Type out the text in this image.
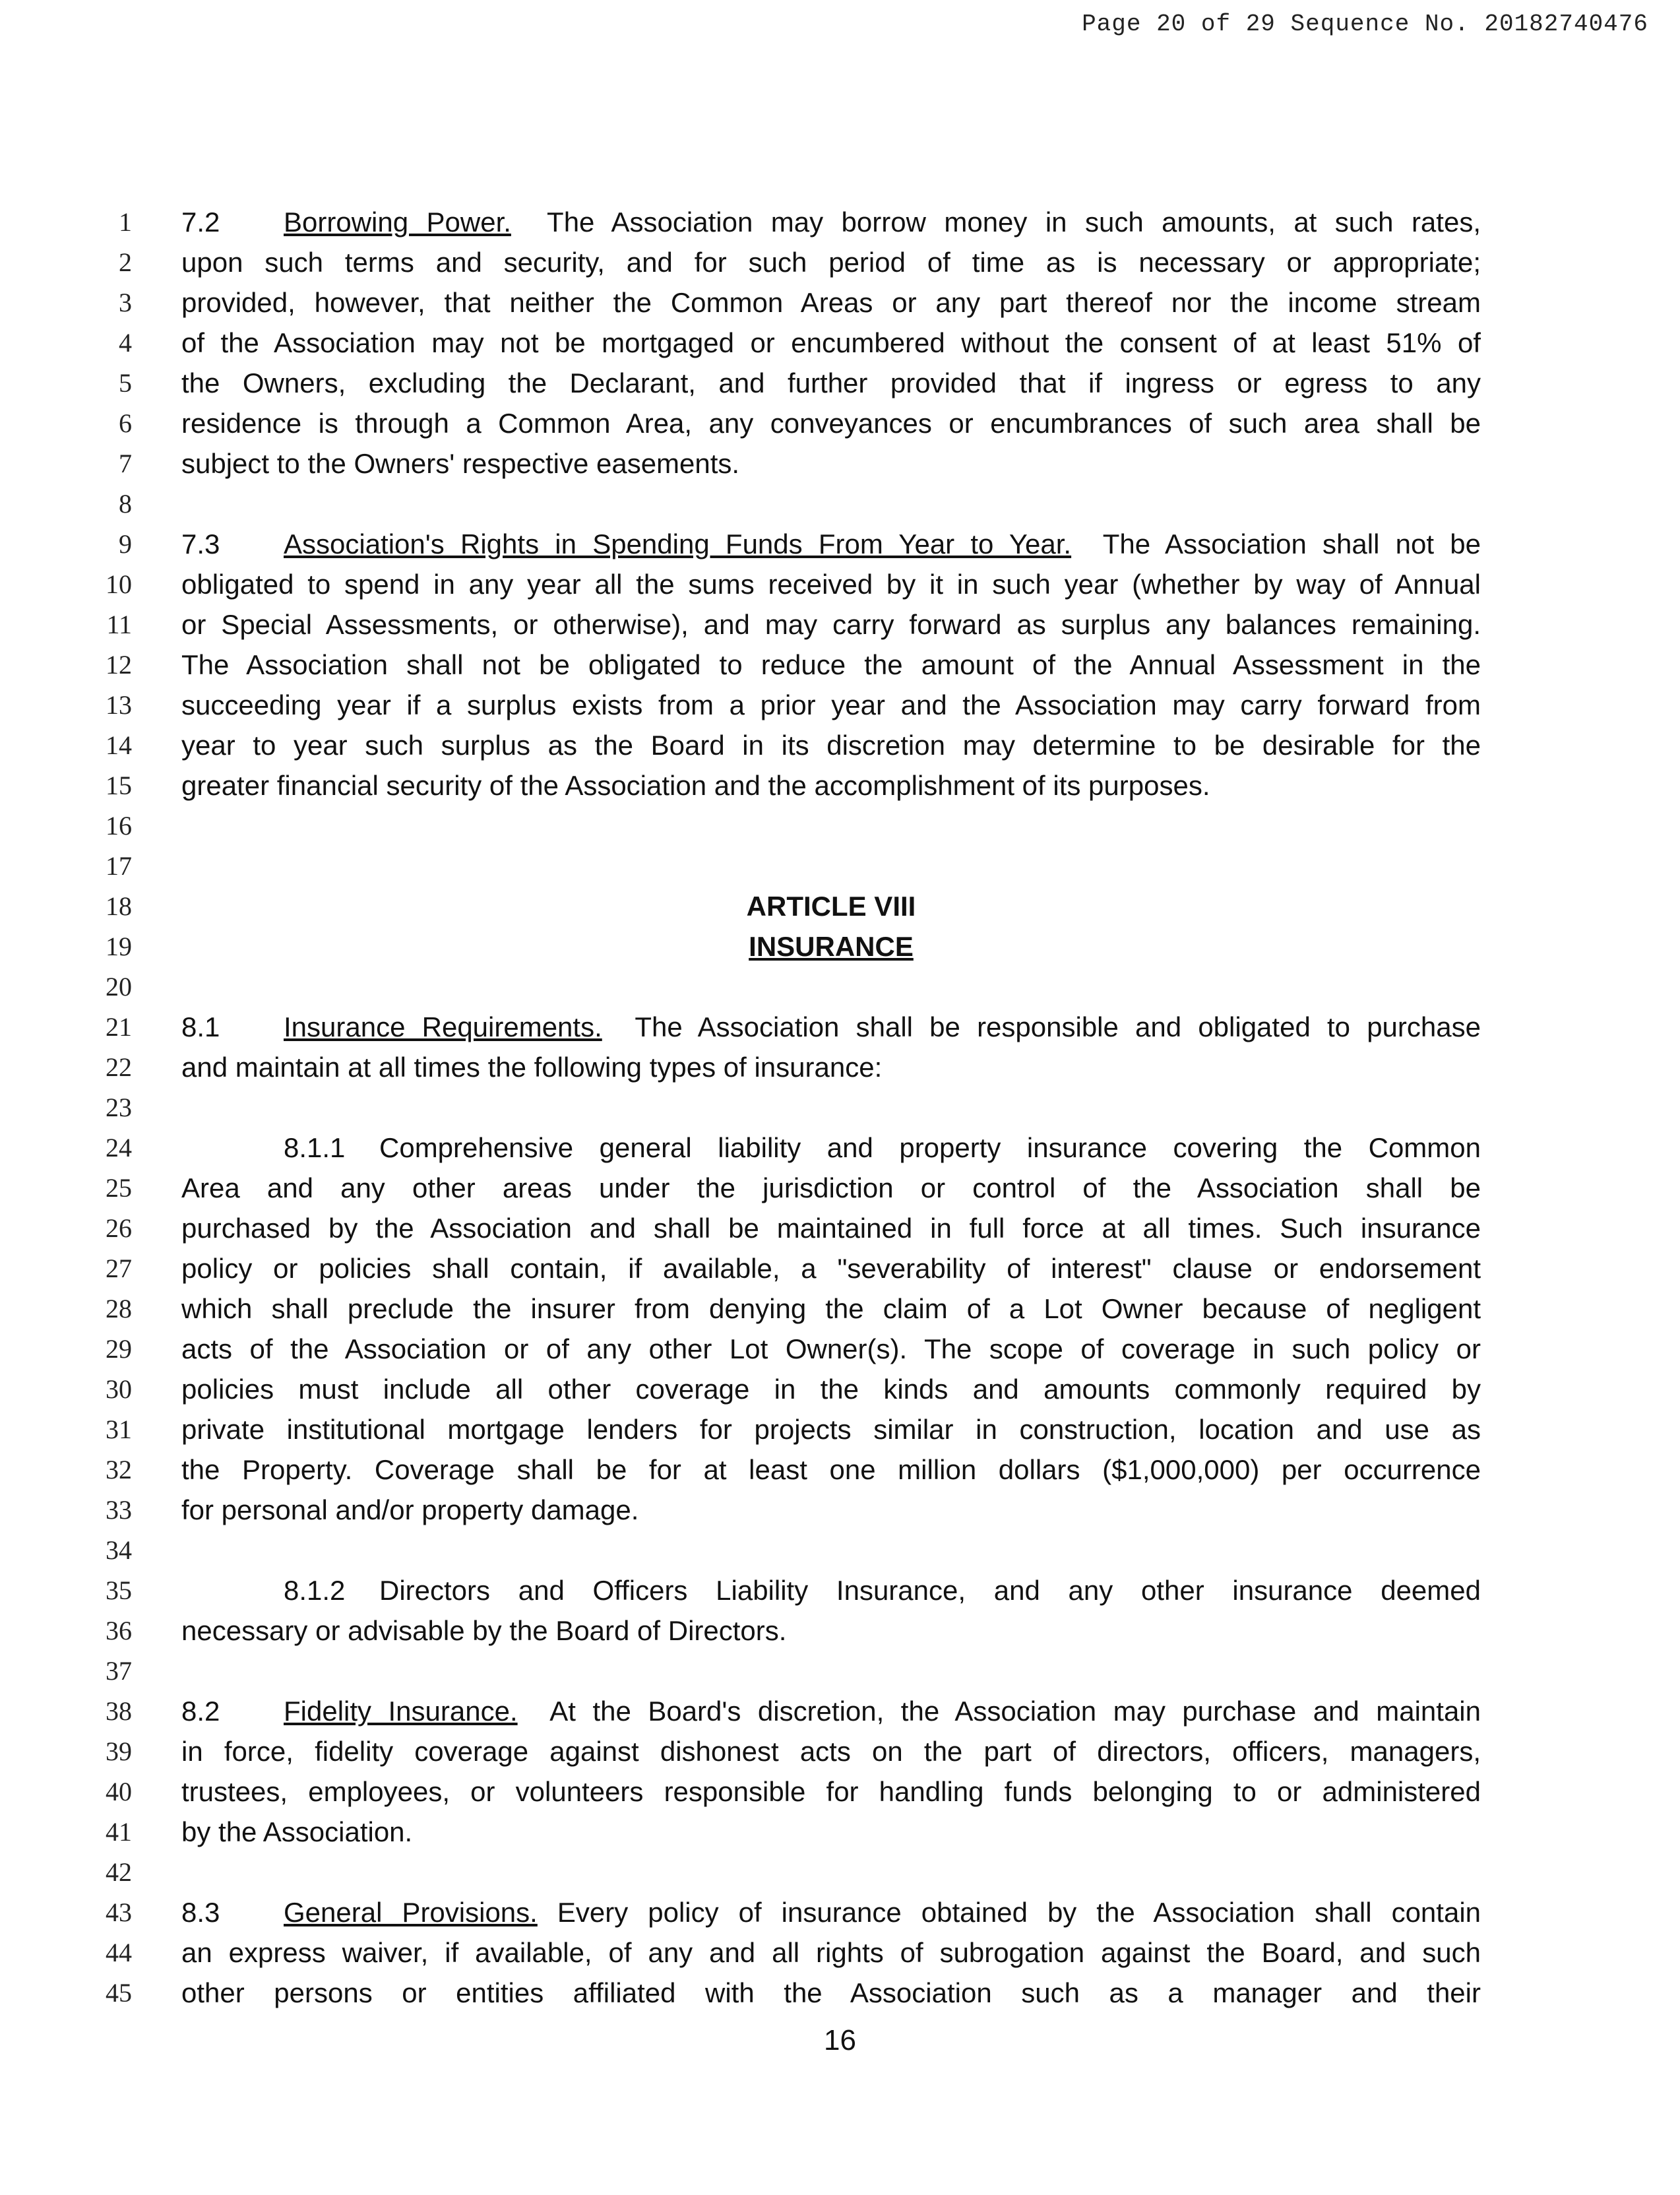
Page 20 of 29 Sequence No. 20182740476
1
2
3
4
5
6
7
8
9
10
11
12
13
14
15
16
17
18
19
20
21
22
23
24
25
26
27
28
29
30
31
32
33
34
35
36
37
38
39
40
41
42
43
44
45
7.2 Borrowing Power. The Association may borrow money in such amounts, at such rates,
upon such terms and security, and for such period of time as is necessary or appropriate;
provided, however, that neither the Common Areas or any part thereof nor the income stream
of the Association may not be mortgaged or encumbered without the consent of at least 51% of
the Owners, excluding the Declarant, and further provided that if ingress or egress to any
residence is through a Common Area, any conveyances or encumbrances of such area shall be
subject to the Owners' respective easements.
7.3 Association's Rights in Spending Funds From Year to Year. The Association shall not be
obligated to spend in any year all the sums received by it in such year (whether by way of Annual
or Special Assessments, or otherwise), and may carry forward as surplus any balances remaining.
The Association shall not be obligated to reduce the amount of the Annual Assessment in the
succeeding year if a surplus exists from a prior year and the Association may carry forward from
year to year such surplus as the Board in its discretion may determine to be desirable for the
greater financial security of the Association and the accomplishment of its purposes.
ARTICLE VIII
INSURANCE
8.1 Insurance Requirements. The Association shall be responsible and obligated to purchase
and maintain at all times the following types of insurance:
8.1.1 Comprehensive general liability and property insurance covering the Common
Area and any other areas under the jurisdiction or control of the Association shall be
purchased by the Association and shall be maintained in full force at all times. Such insurance
policy or policies shall contain, if available, a "severability of interest" clause or endorsement
which shall preclude the insurer from denying the claim of a Lot Owner because of negligent
acts of the Association or of any other Lot Owner(s). The scope of coverage in such policy or
policies must include all other coverage in the kinds and amounts commonly required by
private institutional mortgage lenders for projects similar in construction, location and use as
the Property. Coverage shall be for at least one million dollars ($1,000,000) per occurrence
for personal and/or property damage.
8.1.2 Directors and Officers Liability Insurance, and any other insurance deemed
necessary or advisable by the Board of Directors.
8.2 Fidelity Insurance. At the Board's discretion, the Association may purchase and maintain
in force, fidelity coverage against dishonest acts on the part of directors, officers, managers,
trustees, employees, or volunteers responsible for handling funds belonging to or administered
by the Association.
8.3 General Provisions. Every policy of insurance obtained by the Association shall contain
an express waiver, if available, of any and all rights of subrogation against the Board, and such
other persons or entities affiliated with the Association such as a manager and their
16
